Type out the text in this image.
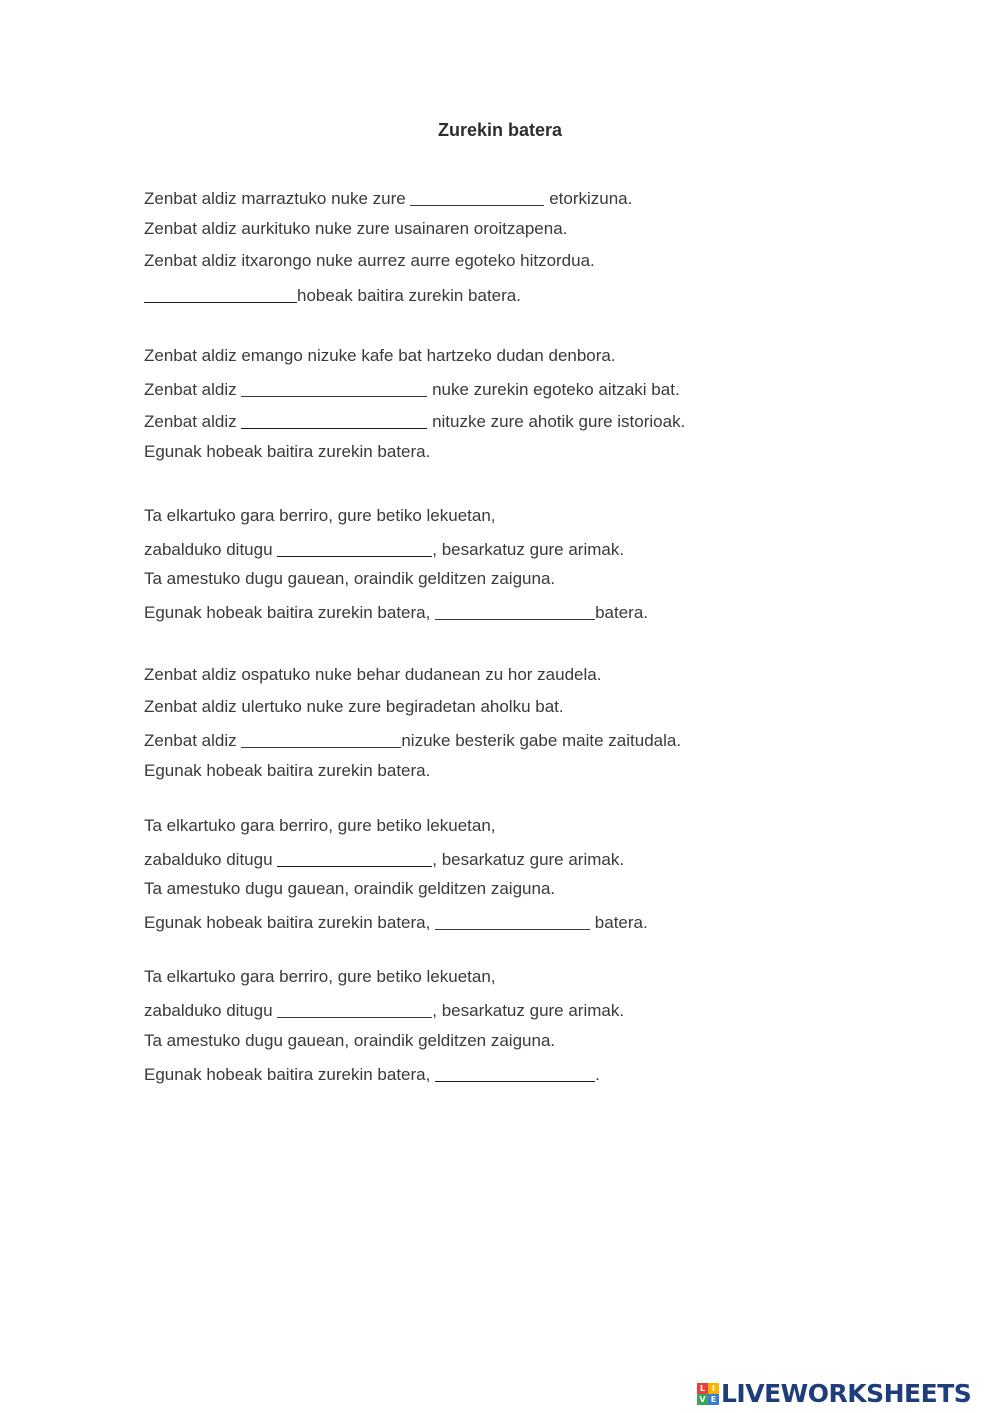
Zurekin batera
Zenbat aldiz marraztuko nuke zure	etorkizuna.
Zenbat aldiz aurkituko nuke zure usainaren oroitzapena.
Zenbat aldiz itxarongo nuke aurrez aurre egoteko hitzordua.
hobeak baitira zurekin batera.
Zenbat aldiz emango nizuke kafe bat hartzeko dudan denbora.
Zenbat aldiz	nuke zurekin egoteko aitzaki bat.
Zenbat aldiz	nituzke zure ahotik gure istorioak.
Egunak hobeak baitira zurekin batera.
Ta elkartuko gara berriro, gure betiko lekuetan,
zabalduko ditugu	, besarkatuz gure arimak.
Ta amestuko dugu gauean, oraindik gelditzen zaiguna.
Egunak hobeak baitira zurekin batera,	batera.
Zenbat aldiz ospatuko nuke behar dudanean zu hor zaudela.
Zenbat aldiz ulertuko nuke zure begiradetan aholku bat.
Zenbat aldiz	nizuke besterik gabe maite zaitudala.
Egunak hobeak baitira zurekin batera.
Ta elkartuko gara berriro, gure betiko lekuetan,
zabalduko ditugu	, besarkatuz gure arimak.
Ta amestuko dugu gauean, oraindik gelditzen zaiguna.
Egunak hobeak baitira zurekin batera,	batera.
Ta elkartuko gara berriro, gure betiko lekuetan,
zabalduko ditugu	, besarkatuz gure arimak.
Ta amestuko dugu gauean, oraindik gelditzen zaiguna.
Egunak hobeak baitira zurekin batera,	.
L I
V E LIVEWORKSHEETS
